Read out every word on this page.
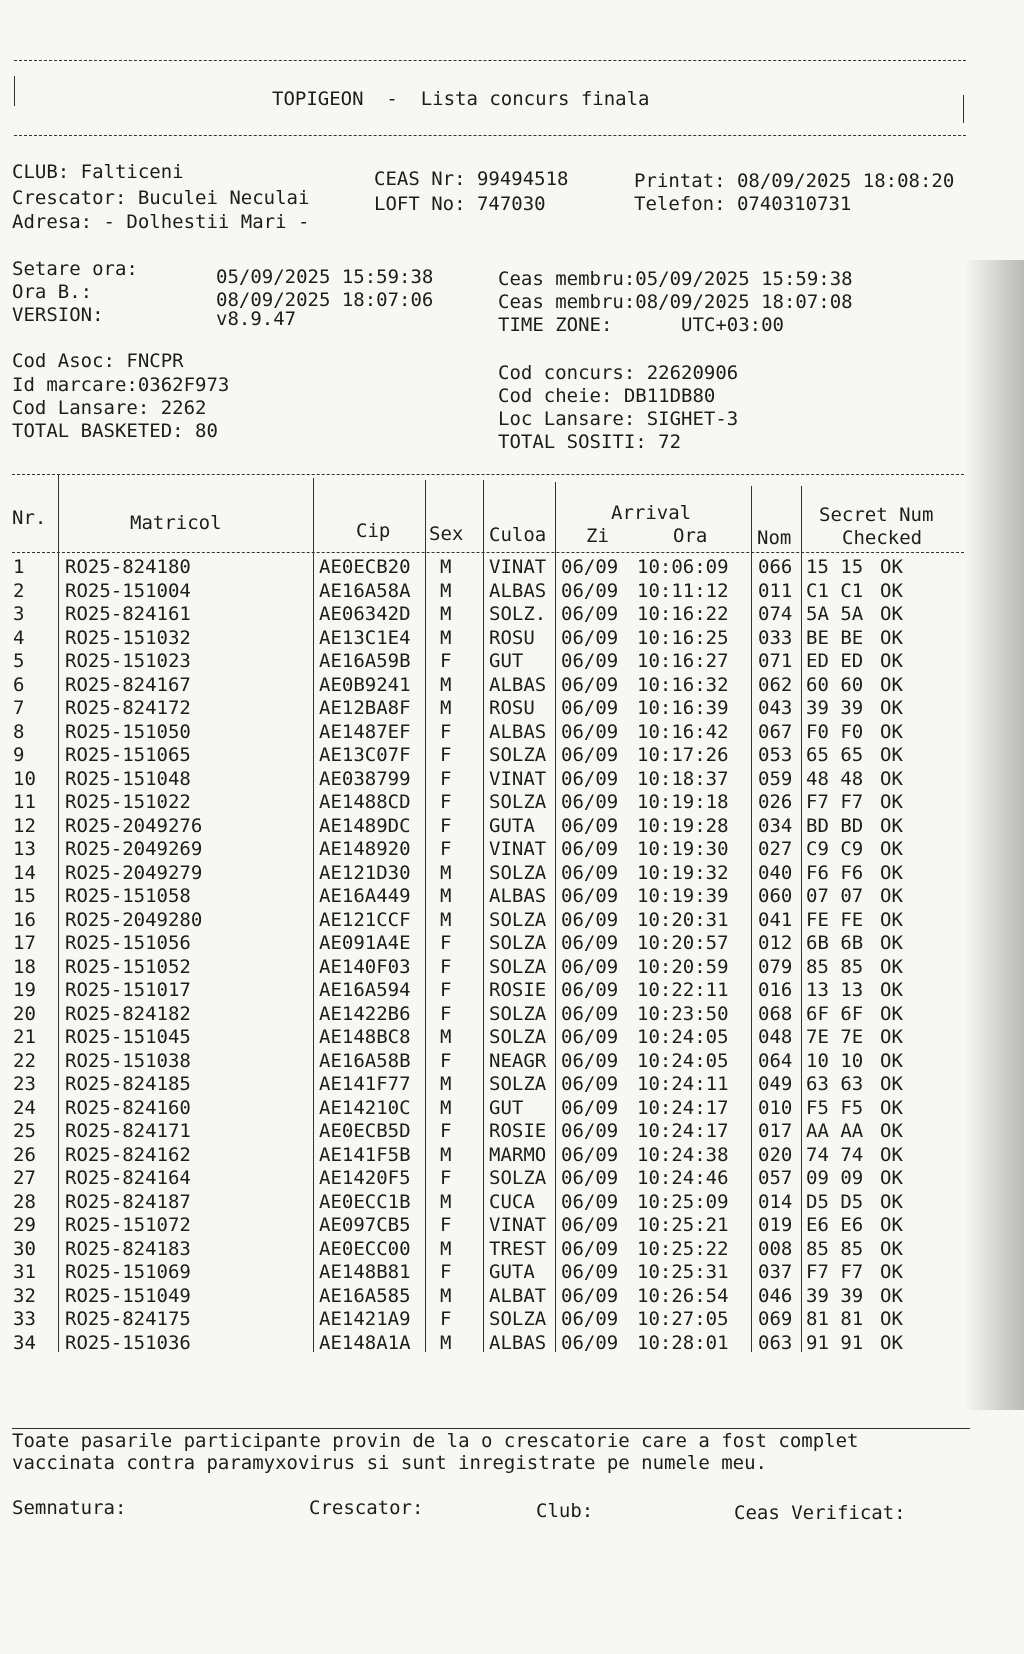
TOPIGEON  -  Lista concurs finala
CLUB: Falticeni
Crescator: Buculei Neculai
Adresa: - Dolhestii Mari -
CEAS Nr: 99494518
LOFT No: 747030
Printat: 08/09/2025 18:08:20
Telefon: 0740310731
Setare ora:	05/09/2025 15:59:38
Ora B.:	08/09/2025 18:07:06
VERSION:	v8.9.47
Ceas membru:05/09/2025 15:59:38
Ceas membru:08/09/2025 18:07:08
TIME ZONE:      UTC+03:00
Cod Asoc: FNCPR
Id marcare:0362F973
Cod Lansare: 2262
TOTAL BASKETED: 80
Cod concurs: 22620906
Cod cheie: DB11DB80
Loc Lansare: SIGHET-3
TOTAL SOSITI: 72
Nr.	Matricol	Cip Sex Culoa
Arrival
Zi	Ora	Nom
Secret Num
Checked
1 RO25-824180	AE0ECB20 M VINAT 06/09 10:06:09 066 15 15 OK
2 RO25-151004	AE16A58A M ALBAS 06/09 10:11:12 011 C1 C1 OK
3 RO25-824161	AE06342D M SOLZ. 06/09 10:16:22 074 5A 5A OK
4 RO25-151032	AE13C1E4 M ROSU 06/09 10:16:25 033 BE BE OK
5 RO25-151023	AE16A59B F GUT 06/09 10:16:27 071 ED ED OK
6 RO25-824167	AE0B9241 M ALBAS 06/09 10:16:32 062 60 60 OK
7 RO25-824172	AE12BA8F M ROSU 06/09 10:16:39 043 39 39 OK
8 RO25-151050	AE1487EF F ALBAS 06/09 10:16:42 067 F0 F0 OK
9 RO25-151065	AE13C07F F SOLZA 06/09 10:17:26 053 65 65 OK
10 RO25-151048	AE038799 F VINAT 06/09 10:18:37 059 48 48 OK
11 RO25-151022	AE1488CD F SOLZA 06/09 10:19:18 026 F7 F7 OK
12 RO25-2049276	AE1489DC F GUTA 06/09 10:19:28 034 BD BD OK
13 RO25-2049269	AE148920 F VINAT 06/09 10:19:30 027 C9 C9 OK
14 RO25-2049279	AE121D30 M SOLZA 06/09 10:19:32 040 F6 F6 OK
15 RO25-151058	AE16A449 M ALBAS 06/09 10:19:39 060 07 07 OK
16 RO25-2049280	AE121CCF M SOLZA 06/09 10:20:31 041 FE FE OK
17 RO25-151056	AE091A4E F SOLZA 06/09 10:20:57 012 6B 6B OK
18 RO25-151052	AE140F03 F SOLZA 06/09 10:20:59 079 85 85 OK
19 RO25-151017	AE16A594 F ROSIE 06/09 10:22:11 016 13 13 OK
20 RO25-824182	AE1422B6 F SOLZA 06/09 10:23:50 068 6F 6F OK
21 RO25-151045	AE148BC8 M SOLZA 06/09 10:24:05 048 7E 7E OK
22 RO25-151038	AE16A58B F NEAGR 06/09 10:24:05 064 10 10 OK
23 RO25-824185	AE141F77 M SOLZA 06/09 10:24:11 049 63 63 OK
24 RO25-824160	AE14210C M GUT 06/09 10:24:17 010 F5 F5 OK
25 RO25-824171	AE0ECB5D F ROSIE 06/09 10:24:17 017 AA AA OK
26 RO25-824162	AE141F5B M MARMO 06/09 10:24:38 020 74 74 OK
27 RO25-824164	AE1420F5 F SOLZA 06/09 10:24:46 057 09 09 OK
28 RO25-824187	AE0ECC1B M CUCA 06/09 10:25:09 014 D5 D5 OK
29 RO25-151072	AE097CB5 F VINAT 06/09 10:25:21 019 E6 E6 OK
30 RO25-824183	AE0ECC00 M TREST 06/09 10:25:22 008 85 85 OK
31 RO25-151069	AE148B81 F GUTA 06/09 10:25:31 037 F7 F7 OK
32 RO25-151049	AE16A585 M ALBAT 06/09 10:26:54 046 39 39 OK
33 RO25-824175	AE1421A9 F SOLZA 06/09 10:27:05 069 81 81 OK
34 RO25-151036	AE148A1A M ALBAS 06/09 10:28:01 063 91 91 OK
Toate pasarile participante provin de la o crescatorie care a fost complet
vaccinata contra paramyxovirus si sunt inregistrate pe numele meu.
Semnatura:	Crescator:	Club:	Ceas Verificat:
